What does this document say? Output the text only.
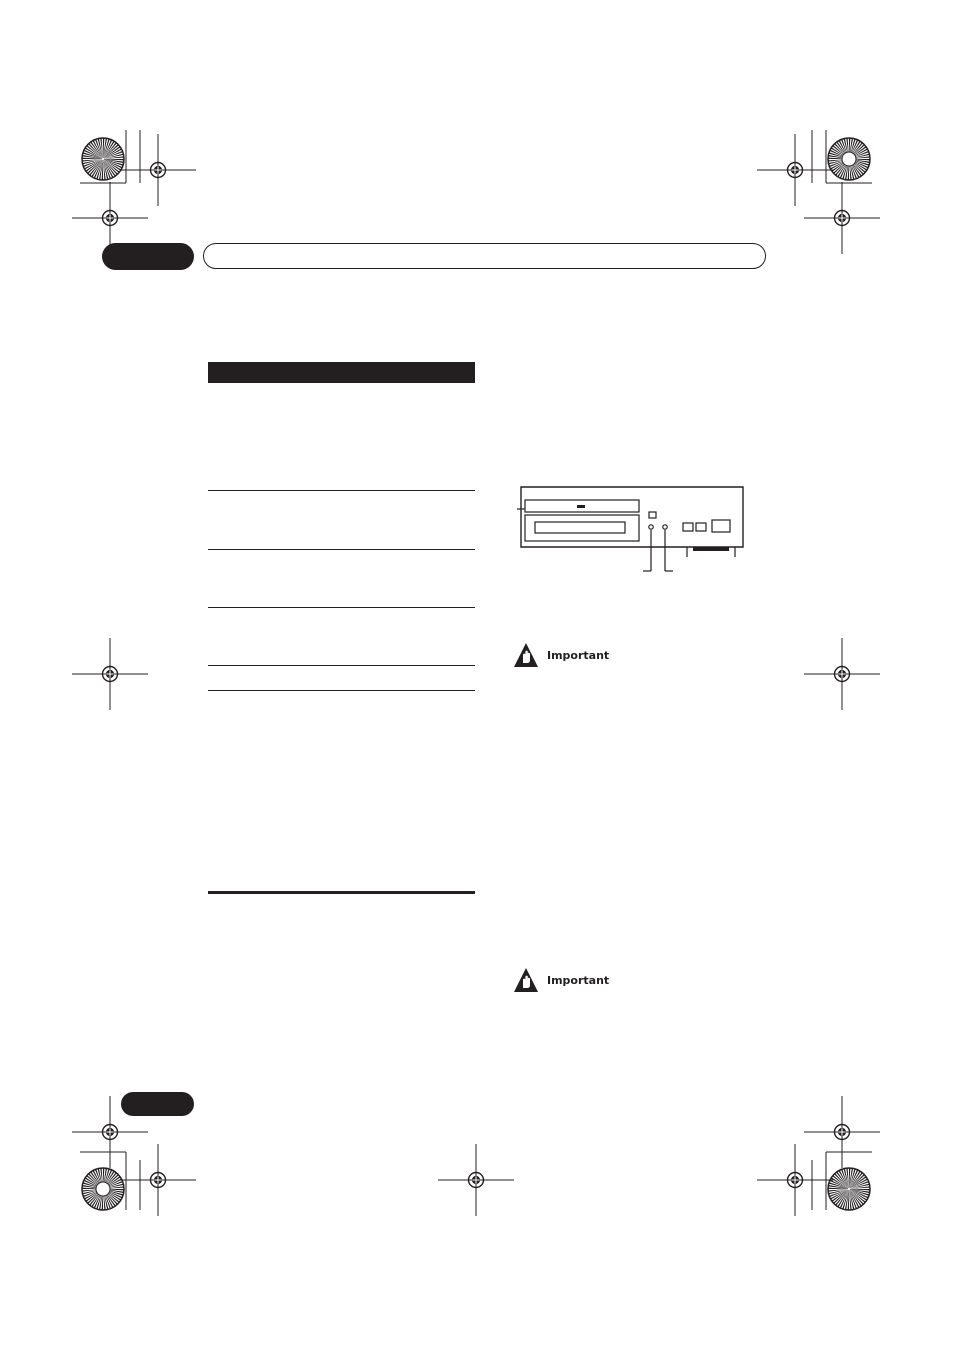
Important
Important
